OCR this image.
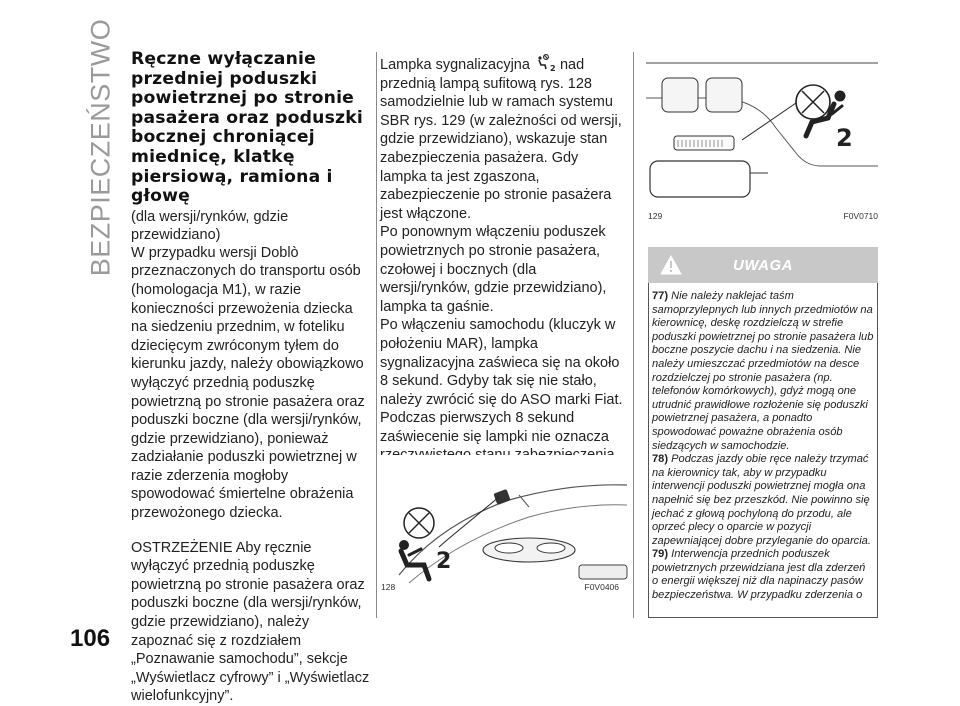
BEZPIECZEŃSTWO
106
Ręczne wyłączanie przedniej poduszki powietrznej po stronie pasażera oraz poduszki bocznej chroniącej miednicę, klatkę piersiową, ramiona i głowę
(dla wersji/rynków, gdzie przewidziano)

W przypadku wersji Doblò przeznaczonych do transportu osób (homologacja M1), w razie konieczności przewożenia dziecka na siedzeniu przednim, w foteliku dziecięcym zwróconym tyłem do kierunku jazdy, należy obowiązkowo wyłączyć przednią poduszkę powietrzną po stronie pasażera oraz poduszki boczne (dla wersji/rynków, gdzie przewidziano), ponieważ zadziałanie poduszki powietrznej w razie zderzenia mogłoby spowodować śmiertelne obrażenia przewożonego dziecka.

OSTRZEŻENIE Aby ręcznie wyłączyć przednią poduszkę powietrzną po stronie pasażera oraz poduszki boczne (dla wersji/rynków, gdzie przewidziano), należy zapoznać się z rozdziałem „Poznawanie samochodu”, sekcje „Wyświetlacz cyfrowy” i „Wyświetlacz wielofunkcyjny”.

Lampka sygnalizacyjna	2 nad przednią lampą sufitową rys. 128 samodzielnie lub w ramach systemu SBR rys. 129 (w zależności od wersji, gdzie przewidziano), wskazuje stan zabezpieczenia pasażera. Gdy lampka ta jest zgaszona, zabezpieczenie po stronie pasażera jest włączone.

Po ponownym włączeniu poduszek powietrznych po stronie pasażera, czołowej i bocznych (dla wersji/rynków, gdzie przewidziano), lampka ta gaśnie.

Po włączeniu samochodu (kluczyk w położeniu MAR), lampka sygnalizacyjna zaświeca się na około 8 sekund. Gdyby tak się nie stało, należy zwrócić się do ASO marki Fiat.

Podczas pierwszych 8 sekund zaświecenie się lampki nie oznacza

2
128	F0V0406
2
129	F0V0710
UWAGA

77) Nie należy naklejać taśm samoprzylepnych lub innych przedmiotów na kierownicę, deskę rozdzielczą w strefie poduszki powietrznej po stronie pasażera lub boczne poszycie dachu i na siedzenia. Nie należy umieszczać przedmiotów na desce rozdzielczej po stronie pasażera (np. telefonów komórkowych), gdyż mogą one utrudnić prawidłowe rozłożenie się poduszki powietrznej pasażera, a ponadto spowodować poważne obrażenia osób siedzących w samochodzie.

78) Podczas jazdy obie ręce należy trzymać na kierownicy tak, aby w przypadku interwencji poduszki powietrznej mogła ona napełnić się bez przeszkód. Nie powinno się jechać z głową pochyloną do przodu, ale oprzeć plecy o oparcie w pozycji zapewniającej dobre przyleganie do oparcia.

79) Interwencja przednich poduszek powietrznych przewidziana jest dla zderzeń o energii większej niż dla napinaczy pasów bezpieczeństwa. W przypadku zderzenia o
